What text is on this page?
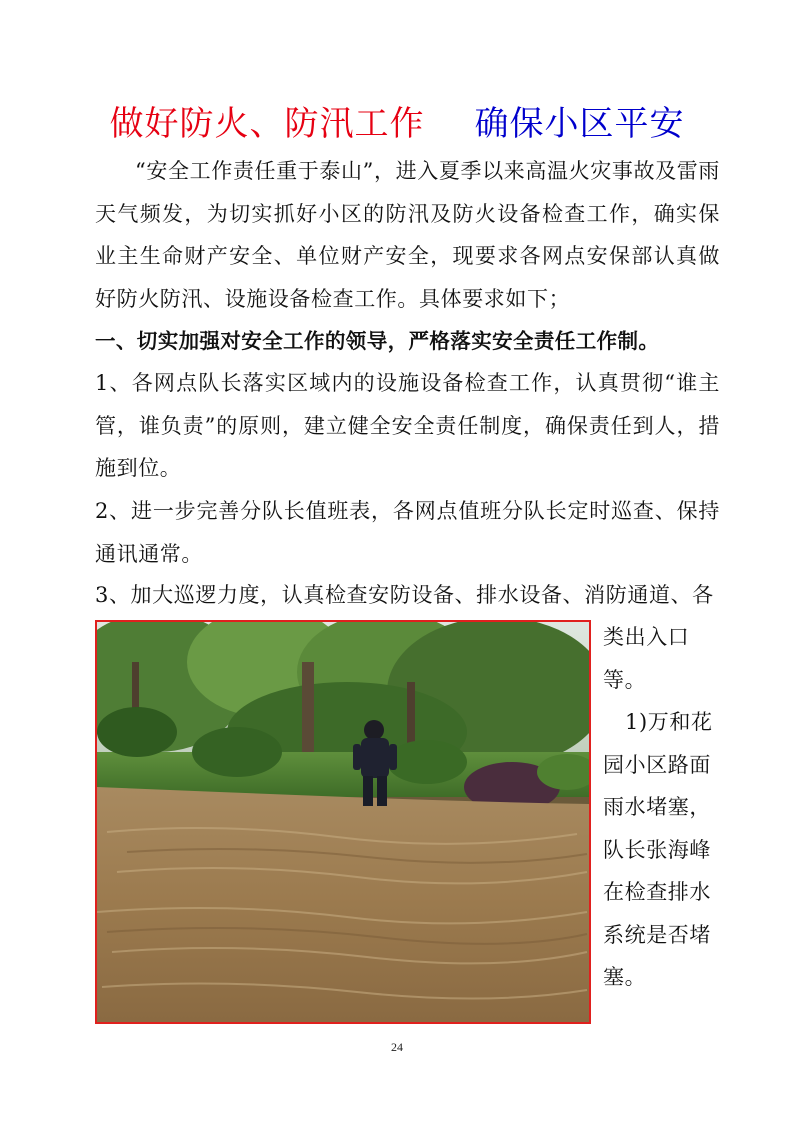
做好防火、防汛工作 确保小区平安
“安全工作责任重于泰山”，进入夏季以来高温火灾事故及雷雨天气频发，为切实抓好小区的防汛及防火设备检查工作，确实保业主生命财产安全、单位财产安全，现要求各网点安保部认真做好防火防汛、设施设备检查工作。具体要求如下；
一、切实加强对安全工作的领导，严格落实安全责任工作制。
1、各网点队长落实区域内的设施设备检查工作，认真贯彻“谁主管，谁负责”的原则，建立健全安全责任制度，确保责任到人，措施到位。
2、进一步完善分队长值班表，各网点值班分队长定时巡查、保持通讯通常。
3、加大巡逻力度，认真检查安防设备、排水设备、消防通道、各
类出入口等。
1)万和花园小区路面雨水堵塞，队长张海峰在检查排水系统是否堵塞。
24
